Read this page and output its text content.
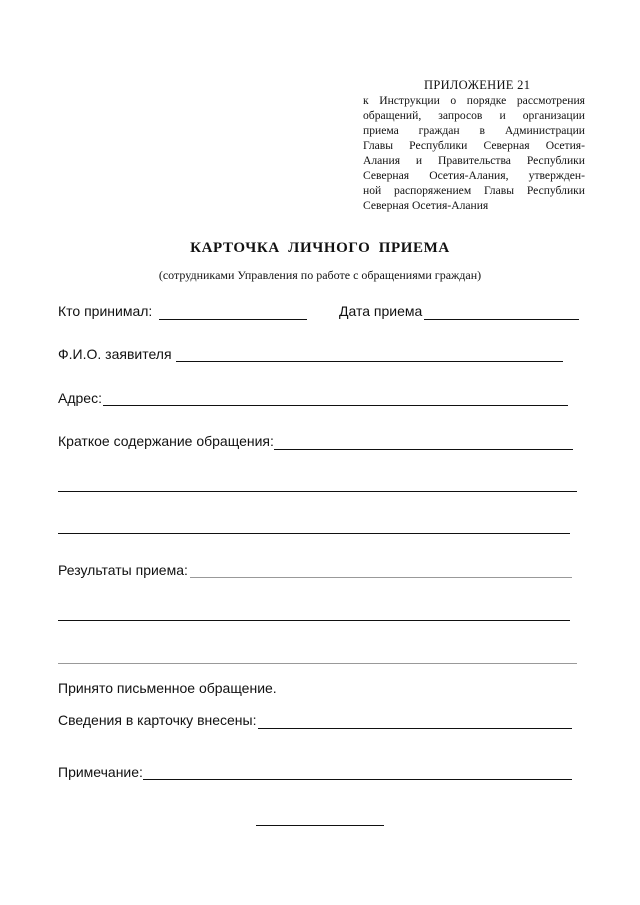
ПРИЛОЖЕНИЕ 21
к Инструкции о порядке рассмотрения
обращений, запросов и организации
приема граждан в Администрации
Главы Республики Северная Осетия-
Алания и Правительства Республики
Северная Осетия-Алания, утвержден-
ной распоряжением Главы Республики
Северная Осетия-Алания
КАРТОЧКА ЛИЧНОГО ПРИЕМА
(сотрудниками Управления по работе с обращениями граждан)
Кто принимал:	Дата приема
Ф.И.О. заявителя
Адрес:
Краткое содержание обращения:
Результаты приема:
Принято письменное обращение.
Сведения в карточку внесены:
Примечание:
